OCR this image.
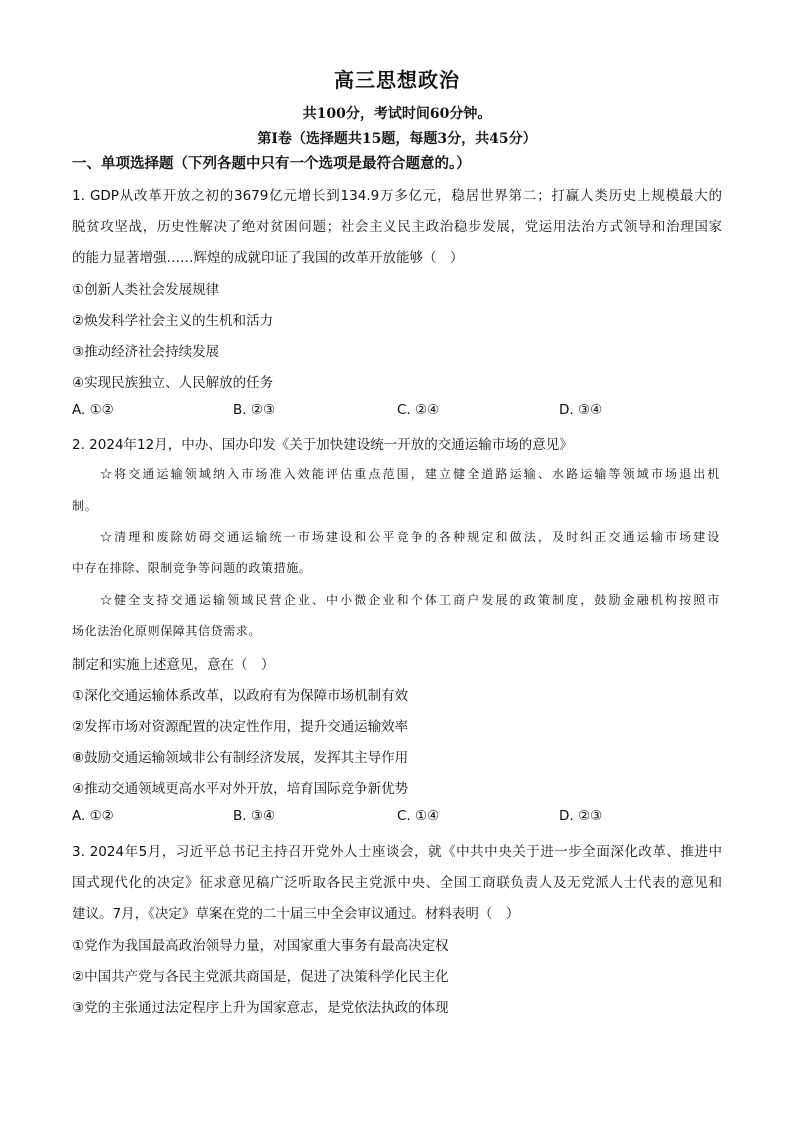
高三思想政治
共100分，考试时间60分钟。
第Ⅰ卷（选择题共15题，每题3分，共45分）
一、单项选择题（下列各题中只有一个选项是最符合题意的。）
1. GDP从改革开放之初的3679亿元增长到134.9万多亿元，稳居世界第二；打赢人类历史上规模最大的
脱贫攻坚战，历史性解决了绝对贫困问题；社会主义民主政治稳步发展，党运用法治方式领导和治理国家
的能力显著增强……辉煌的成就印证了我国的改革开放能够（　）
①创新人类社会发展规律
②焕发科学社会主义的生机和活力
③推动经济社会持续发展
④实现民族独立、人民解放的任务
A. ①②	B. ②③	C. ②④	D. ③④
2. 2024年12月，中办、国办印发《关于加快建设统一开放的交通运输市场的意见》
☆将交通运输领域纳入市场准入效能评估重点范围，建立健全道路运输、水路运输等领域市场退出机
制。
☆清理和废除妨碍交通运输统一市场建设和公平竞争的各种规定和做法，及时纠正交通运输市场建设
中存在排除、限制竞争等问题的政策措施。
☆健全支持交通运输领域民营企业、中小微企业和个体工商户发展的政策制度，鼓励金融机构按照市
场化法治化原则保障其信贷需求。
制定和实施上述意见，意在（　）
①深化交通运输体系改革，以政府有为保障市场机制有效
②发挥市场对资源配置的决定性作用，提升交通运输效率
⑧鼓励交通运输领域非公有制经济发展，发挥其主导作用
④推动交通领域更高水平对外开放，培育国际竞争新优势
A. ①②	B. ③④	C. ①④	D. ②③
3. 2024年5月，习近平总书记主持召开党外人士座谈会，就《中共中央关于进一步全面深化改革、推进中
国式现代化的决定》征求意见稿广泛听取各民主党派中央、全国工商联负责人及无党派人士代表的意见和
建议。7月，《决定》草案在党的二十届三中全会审议通过。材料表明（　）
①党作为我国最高政治领导力量，对国家重大事务有最高决定权
②中国共产党与各民主党派共商国是，促进了决策科学化民主化
③党的主张通过法定程序上升为国家意志，是党依法执政的体现
